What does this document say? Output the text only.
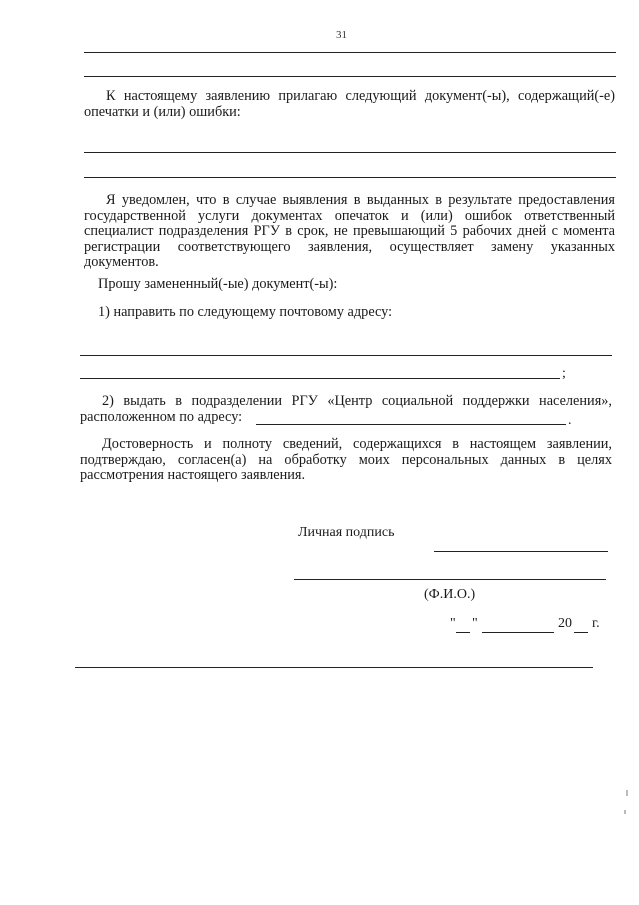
31

К настоящему заявлению прилагаю следующий документ(-ы), содержащий(-е) опечатки и (или) ошибки:

Я уведомлен, что в случае выявления в выданных в результате предоставления государственной услуги документах опечаток и (или) ошибок ответственный специалист подразделения РГУ в срок, не превышающий 5 рабочих дней с момента регистрации соответствующего заявления, осуществляет замену указанных документов.

Прошу замененный(-ые) документ(-ы):

1) направить по следующему почтовому адресу:

;

2) выдать в подразделении РГУ «Центр социальной поддержки населения», расположенном по адресу:	.

Достоверность и полноту сведений, содержащихся в настоящем заявлении, подтверждаю, согласен(а) на обработку моих персональных данных в целях рассмотрения настоящего заявления.

Личная подпись
(Ф.И.О.)
" "	20 г.
